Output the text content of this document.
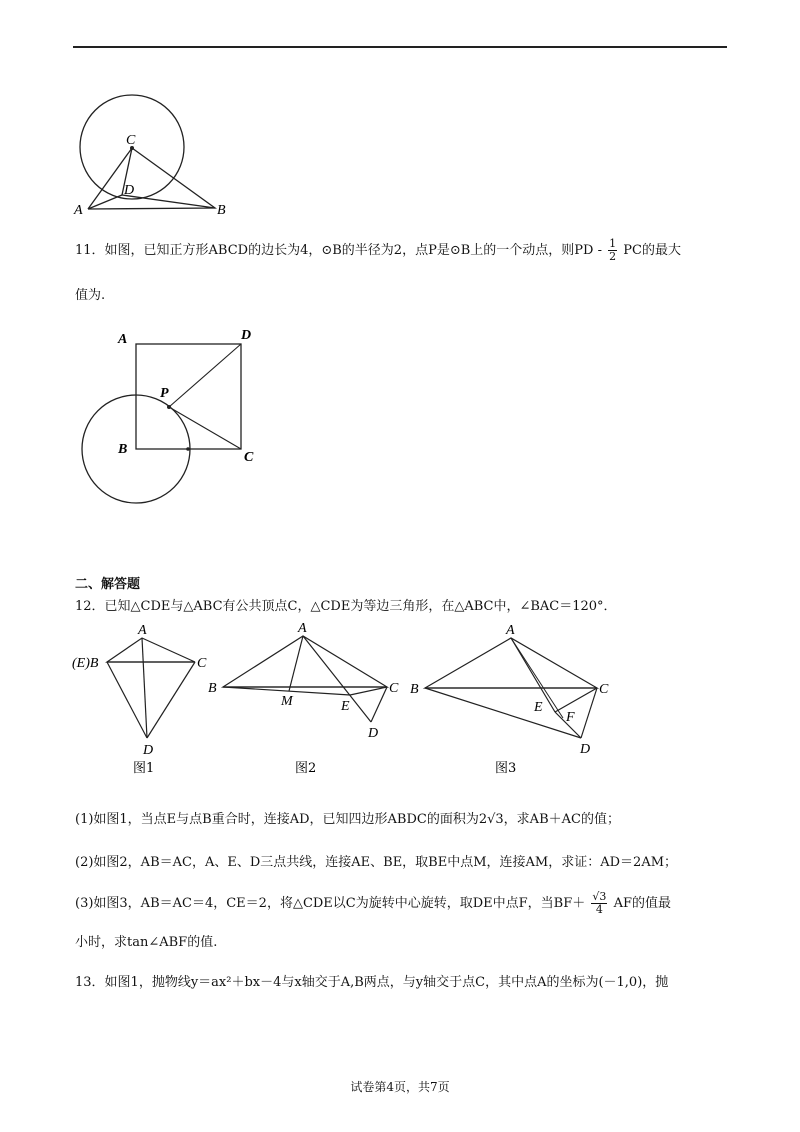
C
D
A	B
11．如图，已知正方形ABCD的边长为4，⊙B的半径为2，点P是⊙B上的一个动点，则PD - $\frac{1}{2}$ PC的最大
值为.
A	D
P
B
C
二、解答题
12．已知△CDE与△ABC有公共顶点C，△CDE为等边三角形，在△ABC中，∠BAC＝120°．
A
(E)B	C
D
图1
A
B	C
M	E
D
图2
A
B	C
E
F
D
图3
(1)如图1，当点E与点B重合时，连接AD，已知四边形ABDC的面积为2√3，求AB＋AC的值；
(2)如图2，AB＝AC，A、E、D三点共线，连接AE、BE，取BE中点M，连接AM，求证：AD＝2AM；
(3)如图3，AB＝AC＝4，CE＝2，将△CDE以C为旋转中心旋转，取DE中点F，当$BF+ \frac{√3}{4}$ AF的值最
小时，求tan∠ABF的值.
13．如图1，抛物线y＝ax²＋bx－4与x轴交于A,B两点，与y轴交于点C，其中点A的坐标为(－1,0)，抛
试卷第4页，共7页
